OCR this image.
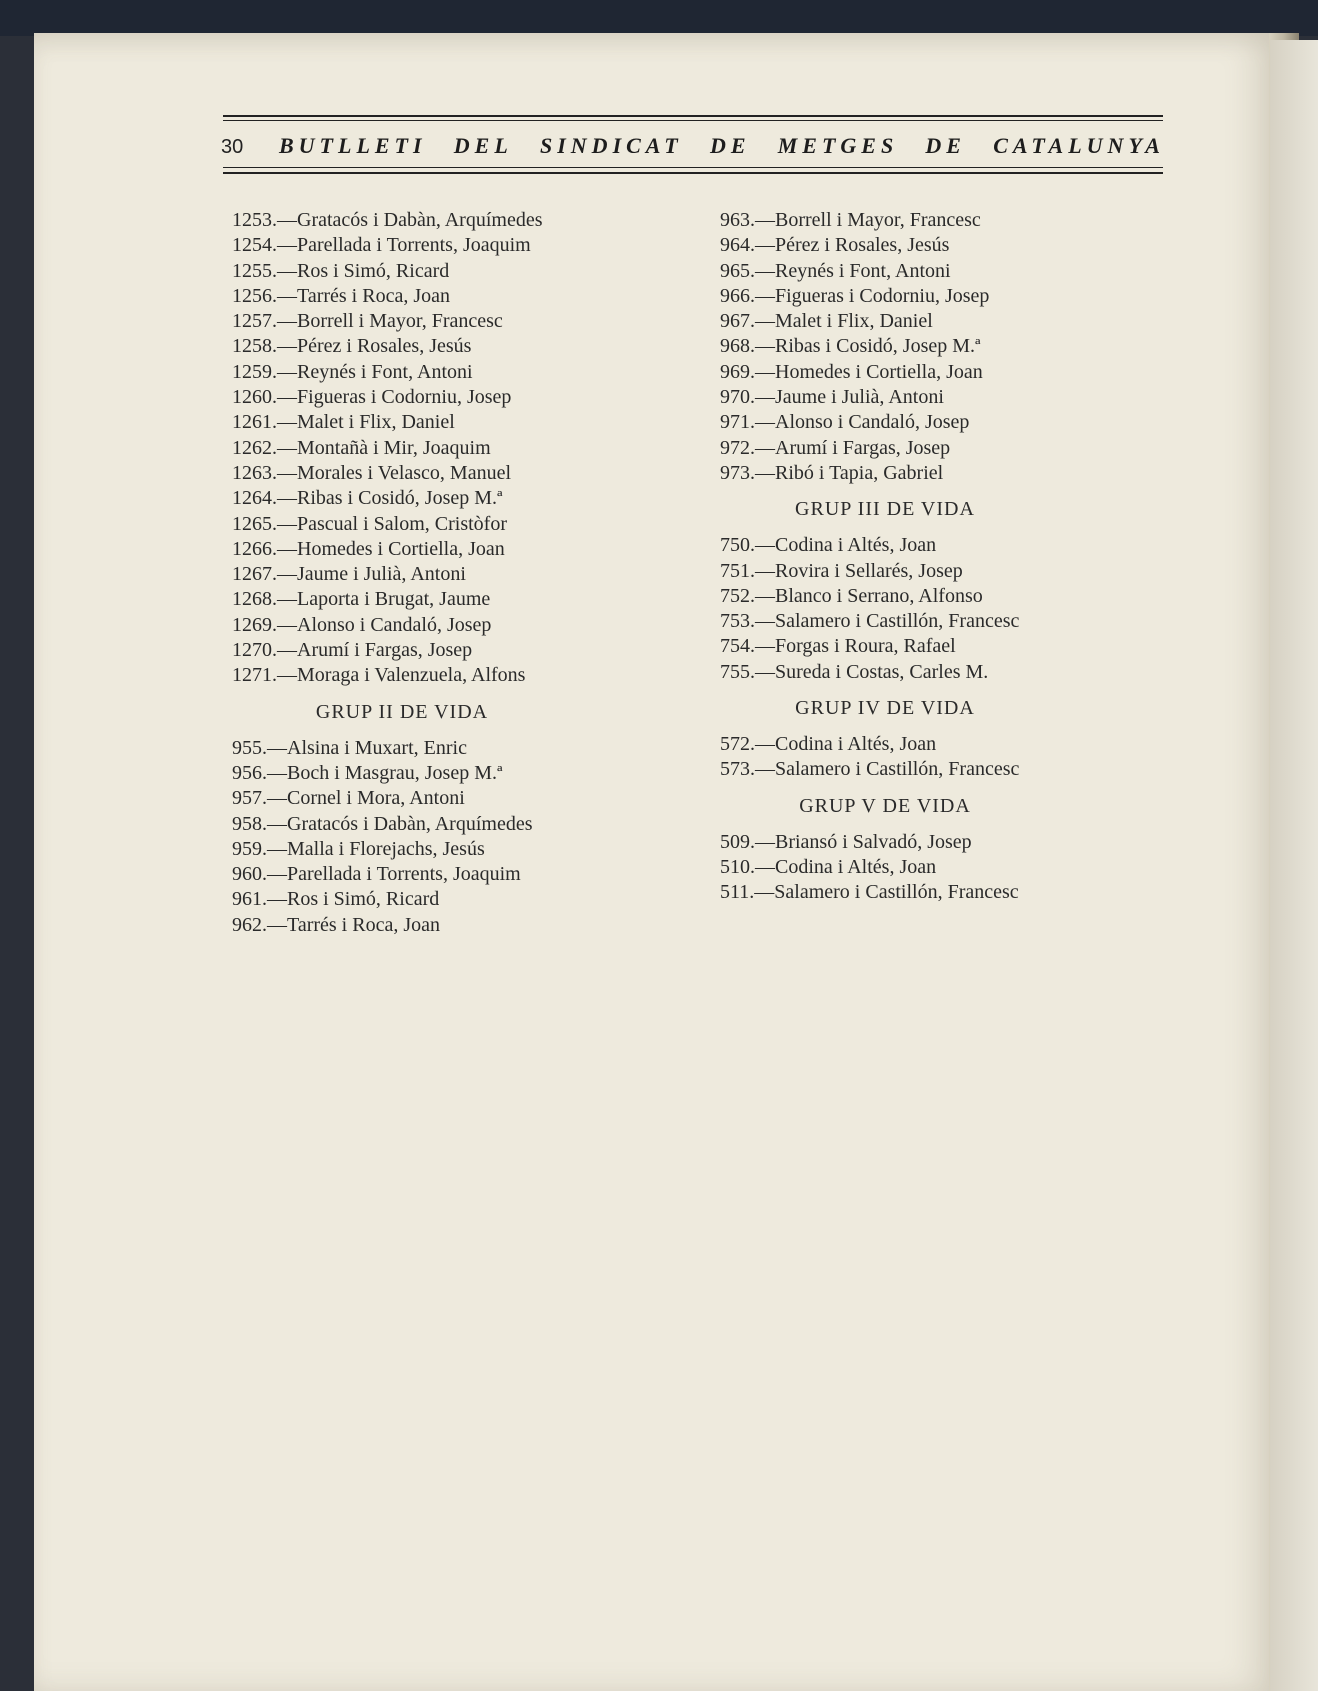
30	BUTLLETI DEL SINDICAT DE METGES DE CATALUNYA
1253.—Gratacós i Dabàn, Arquímedes
1254.—Parellada i Torrents, Joaquim
1255.—Ros i Simó, Ricard
1256.—Tarrés i Roca, Joan
1257.—Borrell i Mayor, Francesc
1258.—Pérez i Rosales, Jesús
1259.—Reynés i Font, Antoni
1260.—Figueras i Codorniu, Josep
1261.—Malet i Flix, Daniel
1262.—Montañà i Mir, Joaquim
1263.—Morales i Velasco, Manuel
1264.—Ribas i Cosidó, Josep M.ª
1265.—Pascual i Salom, Cristòfor
1266.—Homedes i Cortiella, Joan
1267.—Jaume i Julià, Antoni
1268.—Laporta i Brugat, Jaume
1269.—Alonso i Candaló, Josep
1270.—Arumí i Fargas, Josep
1271.—Moraga i Valenzuela, Alfons
GRUP II DE VIDA
955.—Alsina i Muxart, Enric
956.—Boch i Masgrau, Josep M.ª
957.—Cornel i Mora, Antoni
958.—Gratacós i Dabàn, Arquímedes
959.—Malla i Florejachs, Jesús
960.—Parellada i Torrents, Joaquim
961.—Ros i Simó, Ricard
962.—Tarrés i Roca, Joan
963.—Borrell i Mayor, Francesc
964.—Pérez i Rosales, Jesús
965.—Reynés i Font, Antoni
966.—Figueras i Codorniu, Josep
967.—Malet i Flix, Daniel
968.—Ribas i Cosidó, Josep M.ª
969.—Homedes i Cortiella, Joan
970.—Jaume i Julià, Antoni
971.—Alonso i Candaló, Josep
972.—Arumí i Fargas, Josep
973.—Ribó i Tapia, Gabriel
GRUP III DE VIDA
750.—Codina i Altés, Joan
751.—Rovira i Sellarés, Josep
752.—Blanco i Serrano, Alfonso
753.—Salamero i Castillón, Francesc
754.—Forgas i Roura, Rafael
755.—Sureda i Costas, Carles M.
GRUP IV DE VIDA
572.—Codina i Altés, Joan
573.—Salamero i Castillón, Francesc
GRUP V DE VIDA
509.—Briansó i Salvadó, Josep
510.—Codina i Altés, Joan
511.—Salamero i Castillón, Francesc
